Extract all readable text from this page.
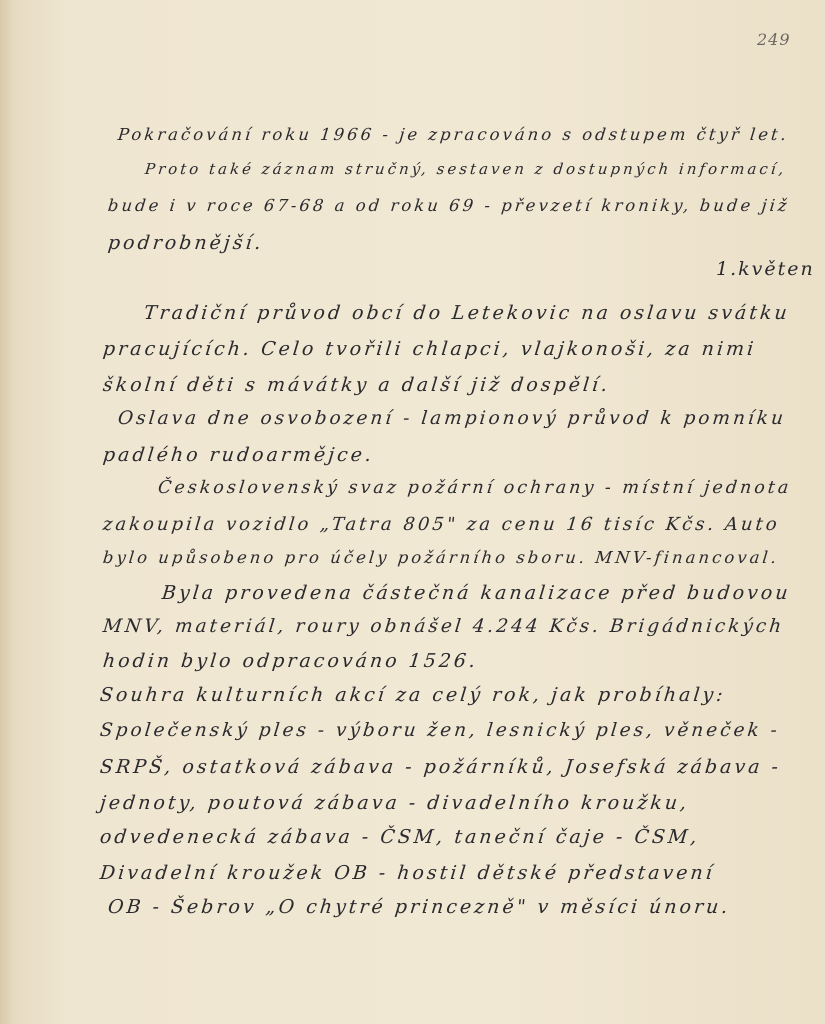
249
1.květen

Pokračování roku 1966 - je zpracováno s odstupem čtyř let.

Proto také záznam stručný, sestaven z dostupných informací,

bude i v roce 67-68 a od roku 69 - převzetí kroniky, bude již

podrobnější.

Tradiční průvod obcí do Letekovic na oslavu svátku

pracujících. Celo tvořili chlapci, vlajkonoši, za nimi

školní děti s mávátky a další již dospělí.

Oslava dne osvobození - lampionový průvod k pomníku

padlého rudoarmějce.

Československý svaz požární ochrany - místní jednota

zakoupila vozidlo „Tatra 805" za cenu 16 tisíc Kčs. Auto

bylo upůsobeno pro účely požárního sboru. MNV-financoval.

Byla provedena částečná kanalizace před budovou

MNV, materiál, roury obnášel 4.244 Kčs. Brigádnických

hodin bylo odpracováno 1526.

Souhra kulturních akcí za celý rok, jak probíhaly:

Společenský ples - výboru žen, lesnický ples, věneček -

SRPŠ, ostatková zábava - požárníků, Josefská zábava -

jednoty, poutová zábava - divadelního kroužku,

odvedenecká zábava - ČSM, taneční čaje - ČSM,

Divadelní kroužek OB - hostil dětské představení

OB - Šebrov „O chytré princezně" v měsíci únoru.
